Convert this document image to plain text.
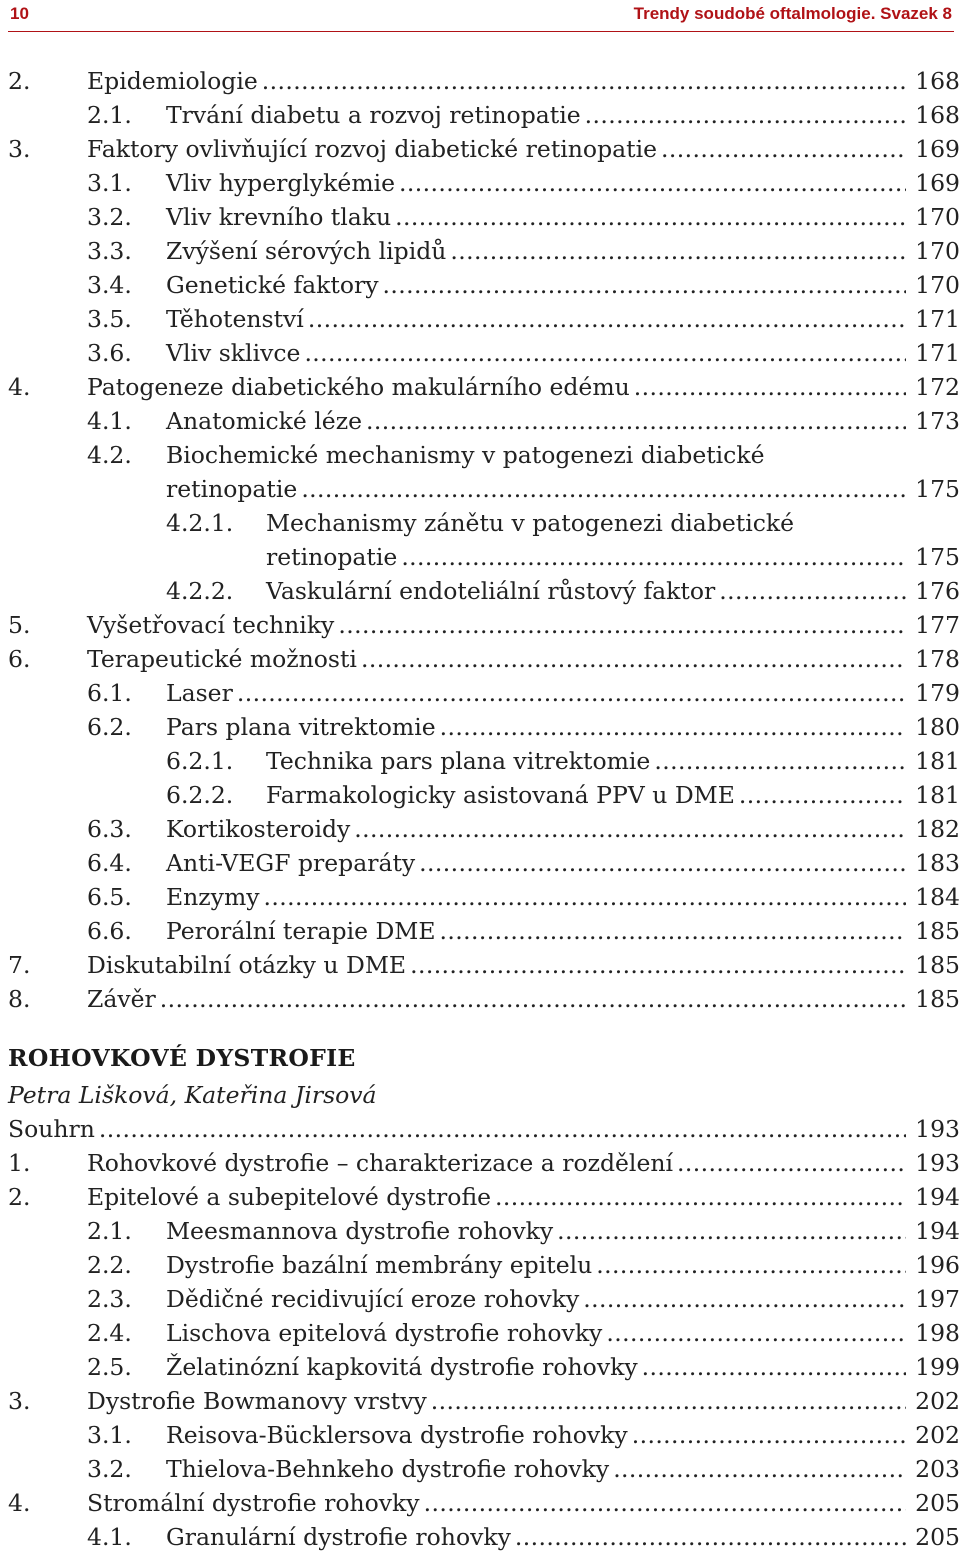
10	Trendy soudobé oftalmologie. Svazek 8
2. Epidemiologie .....	168
2.1. Trvání diabetu a rozvoj retinopatie .....	168
3. Faktory ovlivňující rozvoj diabetické retinopatie .....	169
3.1. Vliv hyperglykémie .....	169
3.2. Vliv krevního tlaku .....	170
3.3. Zvýšení sérových lipidů .....	170
3.4. Genetické faktory .....	170
3.5. Těhotenství .....	171
3.6. Vliv sklivce .....	171
4. Patogeneze diabetického makulárního edému .....	172
4.1. Anatomické léze .....	173
4.2. Biochemické mechanismy v patogenezi diabetické
retinopatie .....	175
4.2.1. Mechanismy zánětu v patogenezi diabetické
retinopatie .....	175
4.2.2. Vaskulární endoteliální růstový faktor .....	176
5. Vyšetřovací techniky .....	177
6. Terapeutické možnosti .....	178
6.1. Laser .....	179
6.2. Pars plana vitrektomie .....	180
6.2.1. Technika pars plana vitrektomie .....	181
6.2.2. Farmakologicky asistovaná PPV u DME .....	181
6.3. Kortikosteroidy .....	182
6.4. Anti-VEGF preparáty .....	183
6.5. Enzymy .....	184
6.6. Perorální terapie DME .....	185
7. Diskutabilní otázky u DME .....	185
8. Závěr .....	185
ROHOVKOVÉ DYSTROFIE
Petra Lišková, Kateřina Jirsová
Souhrn .....	193
1. Rohovkové dystrofie – charakterizace a rozdělení .....	193
2. Epitelové a subepitelové dystrofie .....	194
2.1. Meesmannova dystrofie rohovky .....	194
2.2. Dystrofie bazální membrány epitelu .....	196
2.3. Dědičné recidivující eroze rohovky .....	197
2.4. Lischova epitelová dystrofie rohovky .....	198
2.5. Želatinózní kapkovitá dystrofie rohovky .....	199
3. Dystrofie Bowmanovy vrstvy .....	202
3.1. Reisova-Bücklersova dystrofie rohovky .....	202
3.2. Thielova-Behnkeho dystrofie rohovky .....	203
4. Stromální dystrofie rohovky .....	205
4.1. Granulární dystrofie rohovky .....	205
